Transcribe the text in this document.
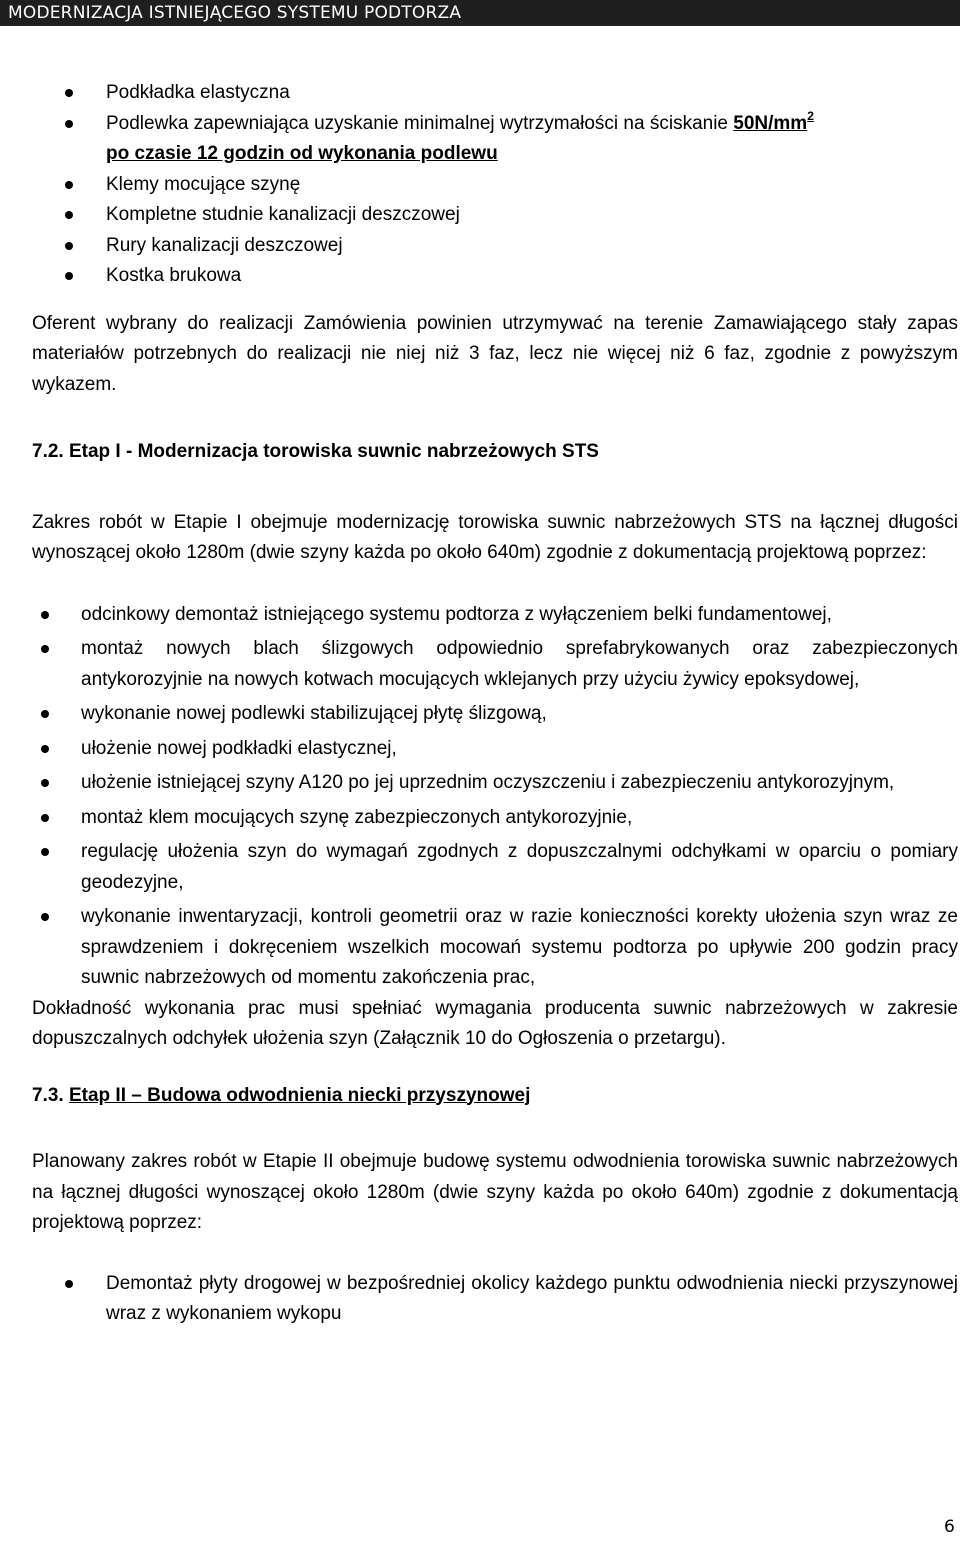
MODERNIZACJA ISTNIEJĄCEGO SYSTEMU PODTORZA
Podkładka elastyczna
Podlewka zapewniająca uzyskanie minimalnej wytrzymałości na ściskanie $50N/mm^2$
po czasie 12 godzin od wykonania podlewu
Klemy mocujące szynę
Kompletne studnie kanalizacji deszczowej
Rury kanalizacji deszczowej
Kostka brukowa

Oferent wybrany do realizacji Zamówienia powinien utrzymywać na terenie Zamawiającego stały zapas materiałów potrzebnych do realizacji nie niej niż 3 faz, lecz nie więcej niż 6 faz, zgodnie z powyższym wykazem.

7.2. Etap I - Modernizacja torowiska suwnic nabrzeżowych STS

Zakres robót w Etapie I obejmuje modernizację torowiska suwnic nabrzeżowych STS na łącznej długości wynoszącej około 1280m (dwie szyny każda po około 640m) zgodnie z dokumentacją projektową poprzez:

odcinkowy demontaż istniejącego systemu podtorza z wyłączeniem belki fundamentowej,
montaż nowych blach ślizgowych odpowiednio sprefabrykowanych oraz zabezpieczonych antykorozyjnie na nowych kotwach mocujących wklejanych przy użyciu żywicy epoksydowej,
wykonanie nowej podlewki stabilizującej płytę ślizgową,
ułożenie nowej podkładki elastycznej,
ułożenie istniejącej szyny A120 po jej uprzednim oczyszczeniu i zabezpieczeniu antykorozyjnym,
montaż klem mocujących szynę zabezpieczonych antykorozyjnie,
regulację ułożenia szyn do wymagań zgodnych z dopuszczalnymi odchyłkami w oparciu o pomiary geodezyjne,
wykonanie inwentaryzacji, kontroli geometrii oraz w razie konieczności korekty ułożenia szyn wraz ze sprawdzeniem i dokręceniem wszelkich mocowań systemu podtorza po upływie 200 godzin pracy suwnic nabrzeżowych od momentu zakończenia prac,

Dokładność wykonania prac musi spełniać wymagania producenta suwnic nabrzeżowych w zakresie dopuszczalnych odchyłek ułożenia szyn (Załącznik 10 do Ogłoszenia o przetargu).

7.3. Etap II – Budowa odwodnienia niecki przyszynowej

Planowany zakres robót w Etapie II obejmuje budowę systemu odwodnienia torowiska suwnic nabrzeżowych na łącznej długości wynoszącej około 1280m (dwie szyny każda po około 640m) zgodnie z dokumentacją projektową poprzez:

Demontaż płyty drogowej w bezpośredniej okolicy każdego punktu odwodnienia niecki przyszynowej wraz z wykonaniem wykopu
6
